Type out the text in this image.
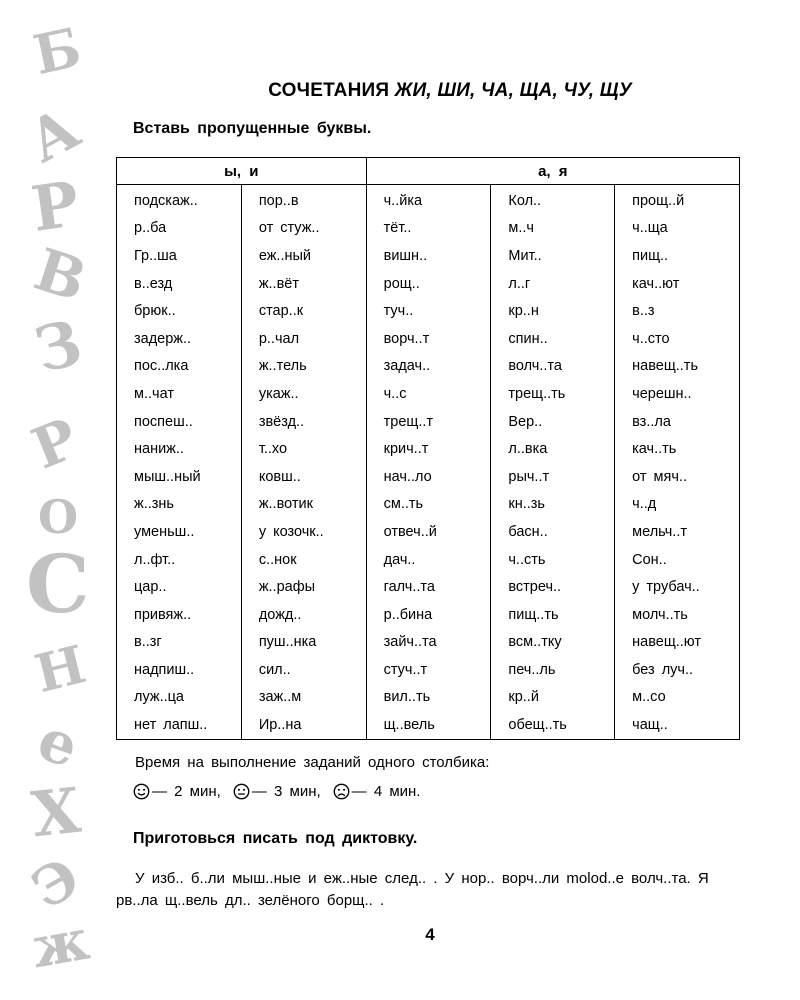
Б
А
Р
В
З
Р
О
С
Н
е
Х
Э
ж
СОЧЕТАНИЯ ЖИ, ШИ, ЧА, ЩА, ЧУ, ЩУ
Вставь пропущенные буквы.
ы, и		а, я		
подскаж..	пор..в	ч..йка	Кол..	прощ..й
р..ба	от стуж..	тёт..	м..ч	ч..ща
Гр..ша	еж..ный	вишн..	Мит..	пищ..
в..езд	ж..вёт	рощ..	л..г	кач..ют
брюк..	стар..к	туч..	кр..н	в..з
задерж..	р..чал	ворч..т	спин..	ч..сто
пос..лка	ж..тель	задач..	волч..та	навещ..ть
м..чат	укаж..	ч..с	трещ..ть	черешн..
поспеш..	звёзд..	трещ..т	Вер..	вз..ла
наниж..	т..хо	крич..т	л..вка	кач..ть
мыш..ный	ковш..	нач..ло	рыч..т	от мяч..
ж..знь	ж..вотик	см..ть	кн..зь	ч..д
уменьш..	у козочк..	отвеч..й	басн..	мельч..т
л..фт..	с..нок	дач..	ч..сть	Сон..
цар..	ж..рафы	галч..та	встреч..	у трубач..
привяж..	дожд..	р..бина	пищ..ть	молч..ть
в..зг	пуш..нка	зайч..та	всм..тку	навещ..ют
надпиш..	сил..	стуч..т	печ..ль	без луч..
луж..ца	заж..м	вил..ть	кр..й	м..со
нет лапш..	Ир..на	щ..вель	обещ..ть	чащ..
Время на выполнение заданий одного столбика:
— 2 мин, — 3 мин, — 4 мин.
Приготовься писать под диктовку.
У изб.. б..ли мыш..ные и еж..ные след.. . У нор.. ворч..ли molod..е волч..та. Я рв..ла щ..вель дл.. зелёного борщ.. .
4
